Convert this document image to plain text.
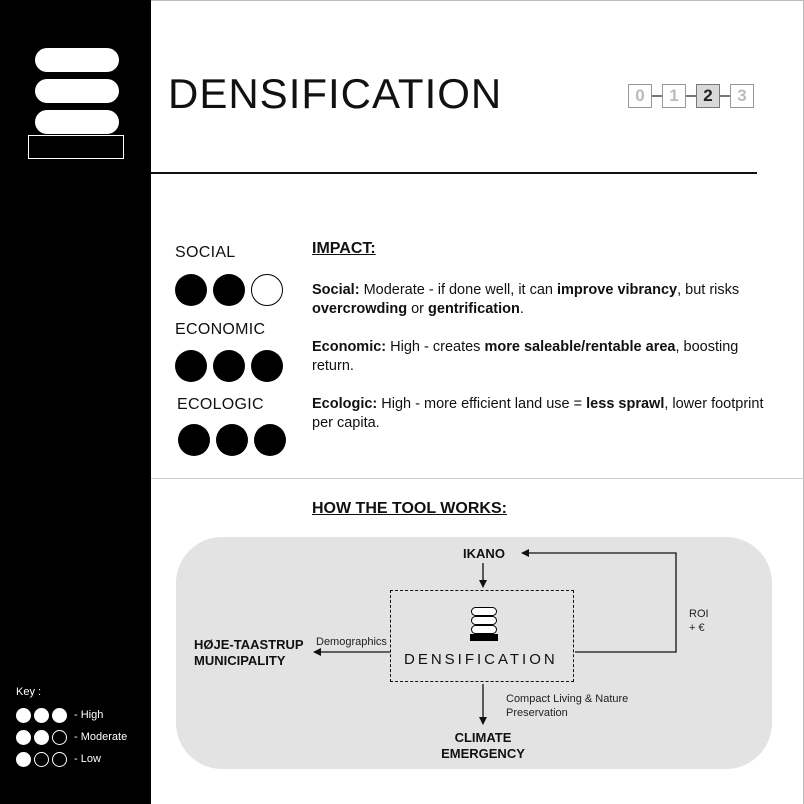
Key :
- High
- Moderate
- Low
DENSIFICATION	0	1	2	3
SOCIAL
ECONOMIC
ECOLOGIC
IMPACT:
Social: Moderate - if done well, it can improve vibrancy, but risks overcrowding or gentrification.
Economic: High - creates more saleable/rentable area, boosting return.
Ecologic: High - more efficient land use = less sprawl, lower footprint per capita.
HOW THE TOOL WORKS:
DENSIFICATION
IKANO
HØJE-TAASTRUP
MUNICIPALITY
CLIMATE
EMERGENCY
Demographics
ROI
+ €
Compact Living & Nature
Preservation
